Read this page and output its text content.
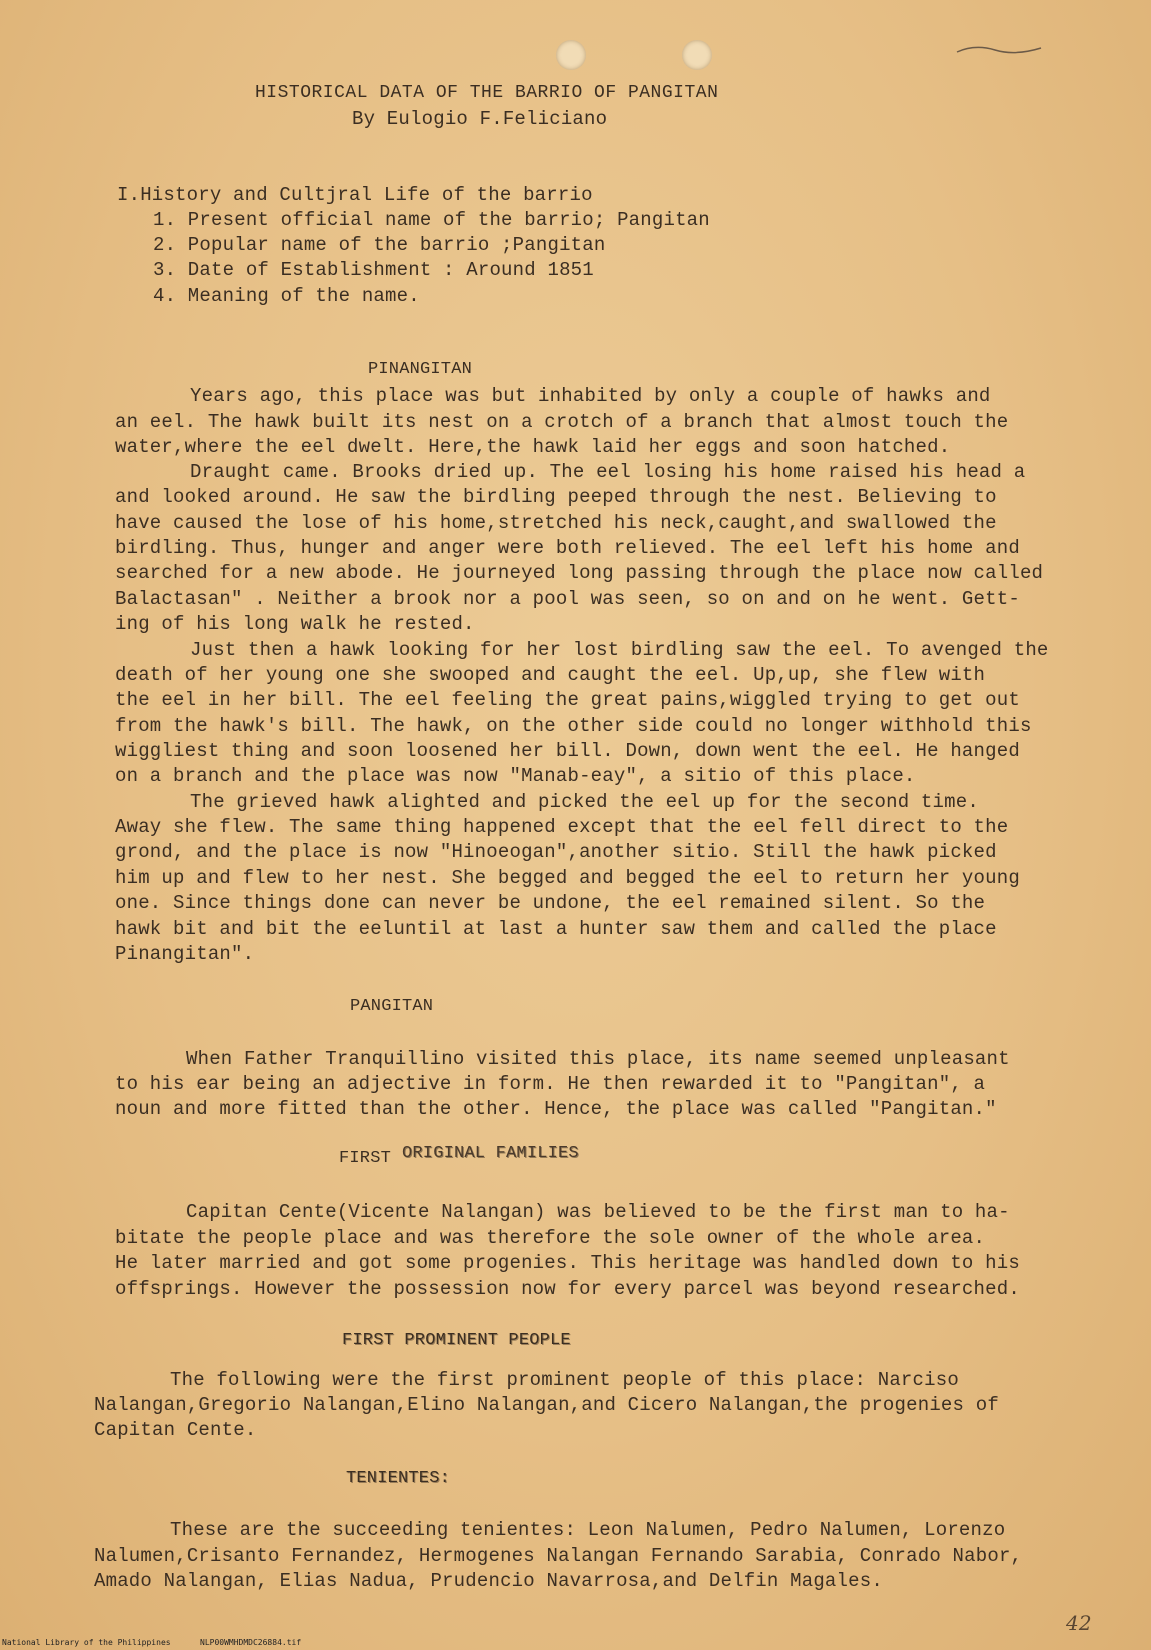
HISTORICAL DATA OF THE BARRIO OF PANGITAN
By Eulogio F.Feliciano
I.History and Cultjral Life of the barrio
1. Present official name of the barrio; Pangitan
2. Popular name of the barrio ;Pangitan
3. Date of Establishment : Around 1851
4. Meaning of the name.
PINANGITAN
Years ago, this place was but inhabited by only a couple of hawks and
an eel. The hawk built its nest on a crotch of a branch that almost touch the
water,where the eel dwelt. Here,the hawk laid her eggs and soon hatched.
Draught came. Brooks dried up. The eel losing his home raised his head a
and looked around. He saw the birdling peeped through the nest. Believing to
have caused the lose of his home,stretched his neck,caught,and swallowed the
birdling. Thus, hunger and anger were both relieved. The eel left his home and
searched for a new abode. He journeyed long passing through the place now called
Balactasan" . Neither a brook nor a pool was seen, so on and on he went. Gett-
ing of his long walk he rested.
Just then a hawk looking for her lost birdling saw the eel. To avenged the
death of her young one she swooped and caught the eel. Up,up, she flew with
the eel in her bill. The eel feeling the great pains,wiggled trying to get out
from the hawk's bill. The hawk, on the other side could no longer withhold this
wiggliest thing and soon loosened her bill. Down, down went the eel. He hanged
on a branch and the place was now "Manab-eay", a sitio of this place.
The grieved hawk alighted and picked the eel up for the second time.
Away she flew. The same thing happened except that the eel fell direct to the
grond, and the place is now "Hinoeogan",another sitio. Still the hawk picked
him up and flew to her nest. She begged and begged the eel to return her young
one. Since things done can never be undone, the eel remained silent. So the
hawk bit and bit the eeluntil at last a hunter saw them and called the place
Pinangitan".
PANGITAN
When Father Tranquillino visited this place, its name seemed unpleasant
to his ear being an adjective in form. He then rewarded it to "Pangitan", a
noun and more fitted than the other. Hence, the place was called "Pangitan."
FIRST ORIGINAL FAMILIES
Capitan Cente(Vicente Nalangan) was believed to be the first man to ha-
bitate the people place and was therefore the sole owner of the whole area.
He later married and got some progenies. This heritage was handled down to his
offsprings. However the possession now for every parcel was beyond researched.
FIRST PROMINENT PEOPLE
The following were the first prominent people of this place: Narciso
Nalangan,Gregorio Nalangan,Elino Nalangan,and Cicero Nalangan,the progenies of
Capitan Cente.
TENIENTES:
These are the succeeding tenientes: Leon Nalumen, Pedro Nalumen, Lorenzo
Nalumen,Crisanto Fernandez, Hermogenes Nalangan Fernando Sarabia, Conrado Nabor,
Amado Nalangan, Elias Nadua, Prudencio Navarrosa,and Delfin Magales.
42

National Library of the Philippines

	NLP00WMHDMDC26884.tif
